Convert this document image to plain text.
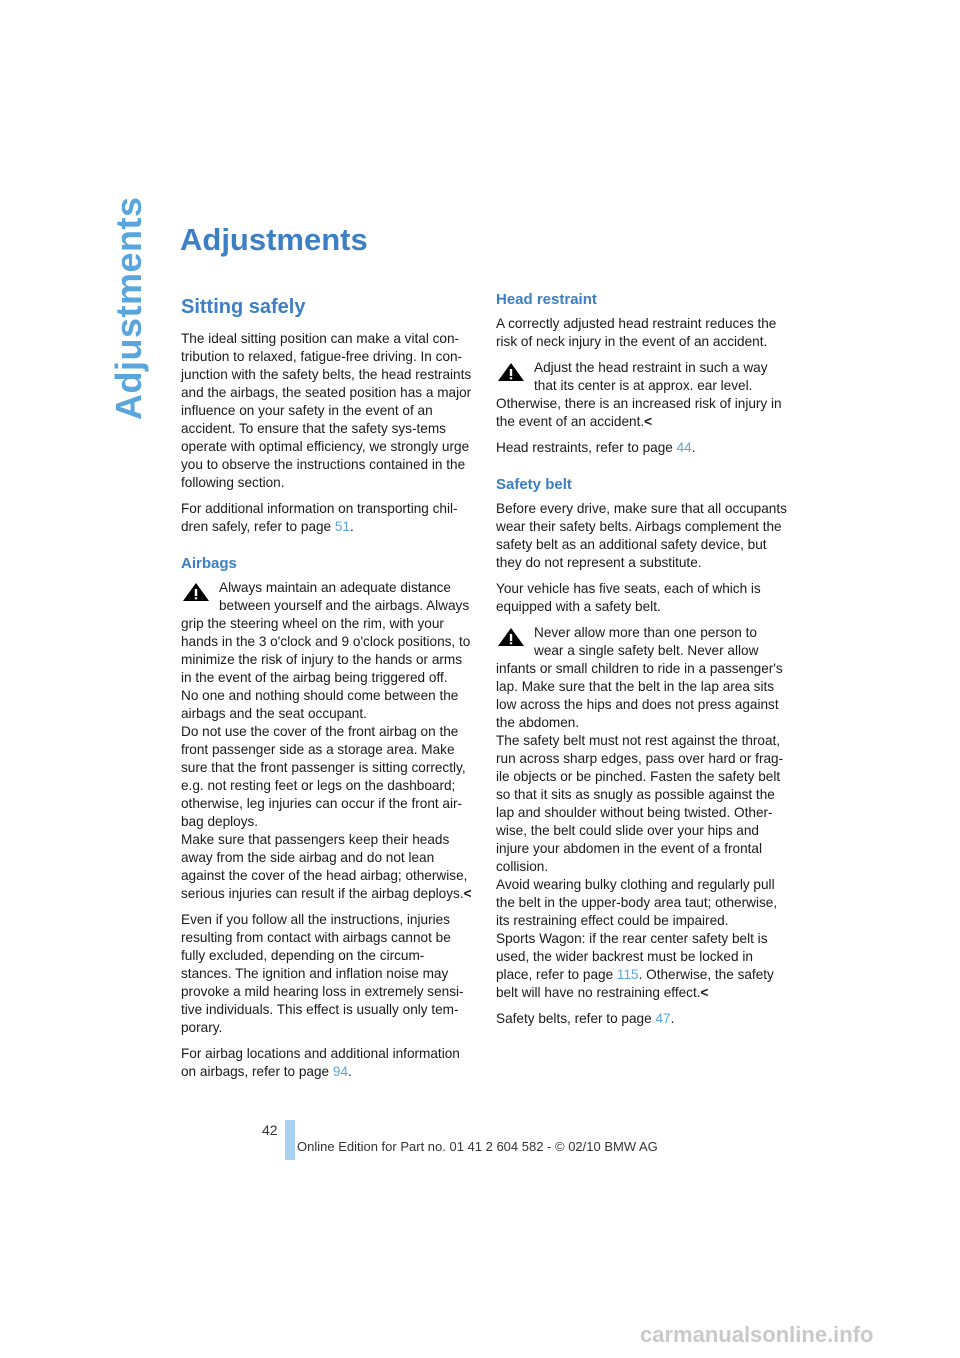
Adjustments Adjustments
Sitting safely

The ideal sitting position can make a vital con-tribution to relaxed, fatigue-free driving. In con-junction with the safety belts, the head restraints and the airbags, the seated position has a major influence on your safety in the event of an accident. To ensure that the safety sys-tems operate with optimal efficiency, we strongly urge you to observe the instructions contained in the following section.

For additional information on transporting chil-dren safely, refer to page 51.

Airbags
Always maintain an adequate distance between yourself and the airbags. Always
grip the steering wheel on the rim, with your hands in the 3 o'clock and 9 o'clock positions, to minimize the risk of injury to the hands or arms in the event of the airbag being triggered off.
No one and nothing should come between the airbags and the seat occupant.
Do not use the cover of the front airbag on the front passenger side as a storage area. Make sure that the front passenger is sitting correctly, e.g. not resting feet or legs on the dashboard; otherwise, leg injuries can occur if the front air-bag deploys.
Make sure that passengers keep their heads away from the side airbag and do not lean against the cover of the head airbag; otherwise, serious injuries can result if the airbag deploys.<

Even if you follow all the instructions, injuries resulting from contact with airbags cannot be fully excluded, depending on the circum-stances. The ignition and inflation noise may provoke a mild hearing loss in extremely sensi-tive individuals. This effect is usually only tem-porary.

For airbag locations and additional information on airbags, refer to page 94.

Head restraint

A correctly adjusted head restraint reduces the risk of neck injury in the event of an accident.

Adjust the head restraint in such a way that its center is at approx. ear level.
Otherwise, there is an increased risk of injury in the event of an accident.<

Head restraints, refer to page 44.

Safety belt

Before every drive, make sure that all occupants wear their safety belts. Airbags complement the safety belt as an additional safety device, but they do not represent a substitute.

Your vehicle has five seats, each of which is equipped with a safety belt.

Never allow more than one person to wear a single safety belt. Never allow
infants or small children to ride in a passenger's lap. Make sure that the belt in the lap area sits low across the hips and does not press against the abdomen.
The safety belt must not rest against the throat, run across sharp edges, pass over hard or frag-ile objects or be pinched. Fasten the safety belt so that it sits as snugly as possible against the lap and shoulder without being twisted. Other-wise, the belt could slide over your hips and injure your abdomen in the event of a frontal collision.
Avoid wearing bulky clothing and regularly pull the belt in the upper-body area taut; otherwise, its restraining effect could be impaired.
Sports Wagon: if the rear center safety belt is used, the wider backrest must be locked in place, refer to page 115. Otherwise, the safety belt will have no restraining effect.<

Safety belts, refer to page 47.

42
Online Edition for Part no. 01 41 2 604 582 - © 02/10 BMW AG
carmanualsonline.info
